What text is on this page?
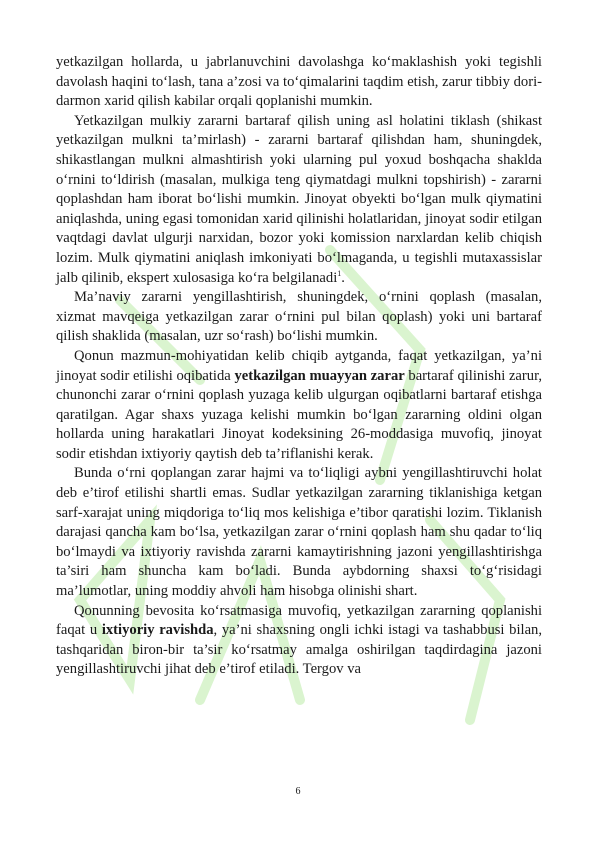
yetkazilgan hollarda, u jabrlanuvchini davolashga ko‘maklashish yoki tegishli davolash haqini to‘lash, tana a’zosi va to‘qimalarini taqdim etish, zarur tibbiy dori-darmon xarid qilish kabilar orqali qoplanishi mumkin.

Yetkazilgan mulkiy zararni bartaraf qilish uning asl holatini tiklash (shikast yetkazilgan mulkni ta’mirlash) - zararni bartaraf qilishdan ham, shuningdek, shikastlangan mulkni almashtirish yoki ularning pul yoxud boshqacha shaklda o‘rnini to‘ldirish (masalan, mulkiga teng qiymatdagi mulkni topshirish) - zararni qoplashdan ham iborat bo‘lishi mumkin. Jinoyat obyekti bo‘lgan mulk qiymatini aniqlashda, uning egasi tomonidan xarid qilinishi holatlaridan, jinoyat sodir etilgan vaqtdagi davlat ulgurji narxidan, bozor yoki komission narxlardan kelib chiqish lozim. Mulk qiymatini aniqlash imkoniyati bo‘lmaganda, u tegishli mutaxassislar jalb qilinib, ekspert xulosasiga ko‘ra belgilanadi$^1$.

Ma’naviy zararni yengillashtirish, shuningdek, o‘rnini qoplash (masalan, xizmat mavqeiga yetkazilgan zarar o‘rnini pul bilan qoplash) yoki uni bartaraf qilish shaklida (masalan, uzr so‘rash) bo‘lishi mumkin.

Qonun mazmun-mohiyatidan kelib chiqib aytganda, faqat yetkazilgan, ya’ni jinoyat sodir etilishi oqibatida yetkazilgan muayyan zarar bartaraf qilinishi zarur, chunonchi zarar o‘rnini qoplash yuzaga kelib ulgurgan oqibatlarni bartaraf etishga qaratilgan. Agar shaxs yuzaga kelishi mumkin bo‘lgan zararning oldini olgan hollarda uning harakatlari Jinoyat kodeksining 26-moddasiga muvofiq, jinoyat sodir etishdan ixtiyoriy qaytish deb ta’riflanishi kerak.

Bunda o‘rni qoplangan zarar hajmi va to‘liqligi aybni yengillashtiruvchi holat deb e’tirof etilishi shartli emas. Sudlar yetkazilgan zararning tiklanishiga ketgan sarf-xarajat uning miqdoriga to‘liq mos kelishiga e’tibor qaratishi lozim. Tiklanish darajasi qancha kam bo‘lsa, yetkazilgan zarar o‘rnini qoplash ham shu qadar to‘liq bo‘lmaydi va ixtiyoriy ravishda zararni kamaytirishning jazoni yengillashtirishga ta’siri ham shuncha kam bo‘ladi. Bunda aybdorning shaxsi to‘g‘risidagi ma’lumotlar, uning moddiy ahvoli ham hisobga olinishi shart.

Qonunning bevosita ko‘rsatmasiga muvofiq, yetkazilgan zararning qoplanishi faqat u ixtiyoriy ravishda, ya’ni shaxsning ongli ichki istagi va tashabbusi bilan, tashqaridan biron-bir ta’sir ko‘rsatmay amalga oshirilgan taqdirdagina jazoni yengillashtiruvchi jihat deb e’tirof etiladi. Tergov va

6
